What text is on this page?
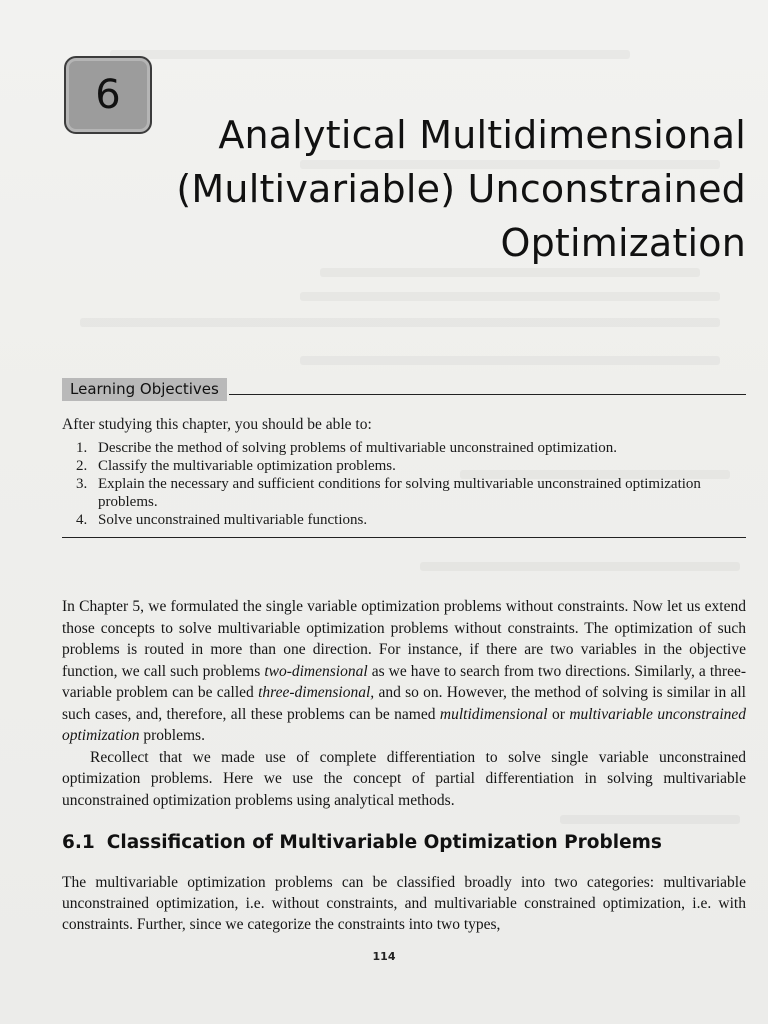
6
Analytical Multidimensional
(Multivariable) Unconstrained
Optimization
Learning Objectives
After studying this chapter, you should be able to:
1. Describe the method of solving problems of multivariable unconstrained optimization.
2. Classify the multivariable optimization problems.
3. Explain the necessary and sufficient conditions for solving multivariable unconstrained optimization problems.
4. Solve unconstrained multivariable functions.

In Chapter 5, we formulated the single variable optimization problems without constraints. Now let us extend those concepts to solve multivariable optimization problems without constraints. The optimization of such problems is routed in more than one direction. For instance, if there are two variables in the objective function, we call such problems two-dimensional as we have to search from two directions. Similarly, a three-variable problem can be called three-dimensional, and so on. However, the method of solving is similar in all such cases, and, therefore, all these problems can be named multidimensional or multivariable unconstrained optimization problems.

Recollect that we made use of complete differentiation to solve single variable unconstrained optimization problems. Here we use the concept of partial differentiation in solving multivariable unconstrained optimization problems using analytical methods.

6.1 Classification of Multivariable Optimization Problems

The multivariable optimization problems can be classified broadly into two categories: multivariable unconstrained optimization, i.e. without constraints, and multivariable constrained optimization, i.e. with constraints. Further, since we categorize the constraints into two types,

114
